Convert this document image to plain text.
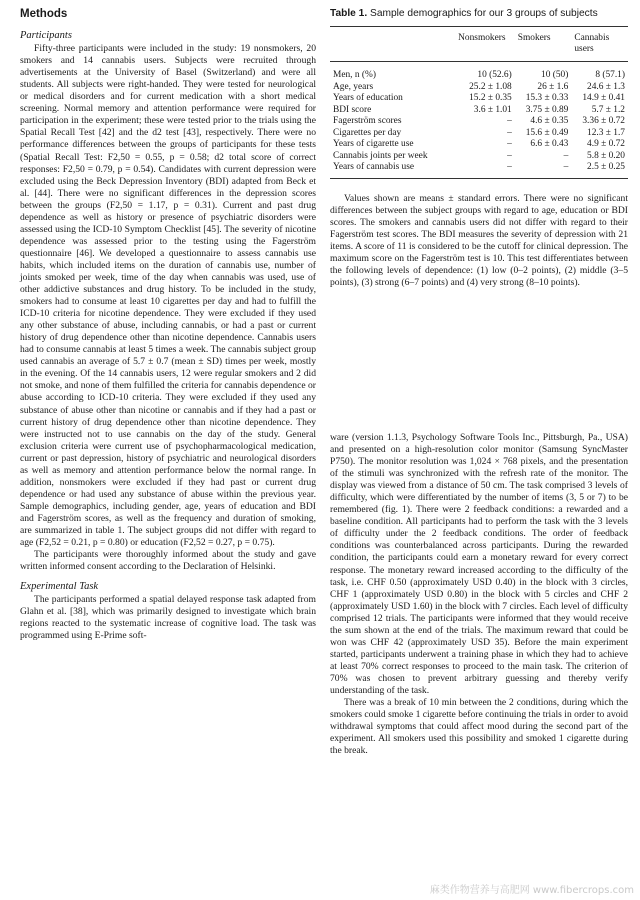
Methods
Participants

Fifty-three participants were included in the study: 19 nonsmokers, 20 smokers and 14 cannabis users. Subjects were recruited through advertisements at the University of Basel (Switzerland) and were all students. All subjects were right-handed. They were tested for neurological or medical disorders and for current medication with a short medical screening. Normal memory and attention performance were required for participation in the experiment; these were tested prior to the trials using the Spatial Recall Test [42] and the d2 test [43], respectively. There were no performance differences between the groups of participants for these tests (Spatial Recall Test: F2,50 = 0.55, p = 0.58; d2 total score of correct responses: F2,50 = 0.79, p = 0.54). Candidates with current depression were excluded using the Beck Depression Inventory (BDI) adapted from Beck et al. [44]. There were no significant differences in the depression scores between the groups (F2,50 = 1.17, p = 0.31). Current and past drug dependence as well as history or presence of psychiatric disorders were assessed using the ICD-10 Symptom Checklist [45]. The severity of nicotine dependence was assessed prior to the testing using the Fagerström questionnaire [46]. We developed a questionnaire to assess cannabis use habits, which included items on the duration of cannabis use, number of joints smoked per week, time of the day when cannabis was used, use of other addictive substances and drug history. To be included in the study, smokers had to consume at least 10 cigarettes per day and had to fulfill the ICD-10 criteria for nicotine dependence. They were excluded if they used any other substance of abuse, including cannabis, or had a past or current history of drug dependence other than nicotine dependence. Cannabis users had to consume cannabis at least 5 times a week. The cannabis subject group used cannabis an average of 5.7 ± 0.7 (mean ± SD) times per week, mostly in the evening. Of the 14 cannabis users, 12 were regular smokers and 2 did not smoke, and none of them fulfilled the criteria for cannabis dependence or abuse according to ICD-10 criteria. They were excluded if they used any substance of abuse other than nicotine or cannabis and if they had a past or current history of drug dependence other than nicotine dependence. They were instructed not to use cannabis on the day of the study. General exclusion criteria were current use of psychopharmacological medication, current or past depression, history of psychiatric and neurological disorders as well as memory and attention performance below the normal range. In addition, nonsmokers were excluded if they had past or current drug dependence or had used any substance of abuse within the previous year. Sample demographics, including gender, age, years of education and BDI and Fagerström scores, as well as the frequency and duration of smoking, are summarized in table 1. The subject groups did not differ with regard to age (F2,52 = 0.21, p = 0.80) or education (F2,52 = 0.27, p = 0.75).

The participants were thoroughly informed about the study and gave written informed consent according to the Declaration of Helsinki.

Experimental Task

The participants performed a spatial delayed response task adapted from Glahn et al. [38], which was primarily designed to investigate which brain regions reacted to the systematic increase of cognitive load. The task was programmed using E-Prime soft-

Table 1. Sample demographics for our 3 groups of subjects
	Nonsmokers	Smokers	Cannabis users
Men, n (%)	10 (52.6)	10 (50)	8 (57.1)
Age, years	25.2 ± 1.08	26 ± 1.6	24.6 ± 1.3
Years of education	15.2 ± 0.35	15.3 ± 0.33	14.9 ± 0.41
BDI score	3.6 ± 1.01	3.75 ± 0.89	5.7 ± 1.2
Fagerström scores	–	4.6 ± 0.35	3.36 ± 0.72
Cigarettes per day	–	15.6 ± 0.49	12.3 ± 1.7
Years of cigarette use	–	6.6 ± 0.43	4.9 ± 0.72
Cannabis joints per week	–	–	5.8 ± 0.20
Years of cannabis use	–	–	2.5 ± 0.25

Values shown are means ± standard errors. There were no significant differences between the subject groups with regard to age, education or BDI scores. The smokers and cannabis users did not differ with regard to their Fagerström test scores. The BDI measures the severity of depression with 21 items. A score of 11 is considered to be the cutoff for clinical depression. The maximum score on the Fagerström test is 10. This test differentiates between the following levels of dependence: (1) low (0–2 points), (2) middle (3–5 points), (3) strong (6–7 points) and (4) very strong (8–10 points).

ware (version 1.1.3, Psychology Software Tools Inc., Pittsburgh, Pa., USA) and presented on a high-resolution color monitor (Samsung SyncMaster P750). The monitor resolution was 1,024 × 768 pixels, and the presentation of the stimuli was synchronized with the refresh rate of the monitor. The display was viewed from a distance of 50 cm. The task comprised 3 levels of difficulty, which were differentiated by the number of items (3, 5 or 7) to be remembered (fig. 1). There were 2 feedback conditions: a rewarded and a baseline condition. All participants had to perform the task with the 3 levels of difficulty under the 2 feedback conditions. The order of feedback conditions was counterbalanced across participants. During the rewarded condition, the participants could earn a monetary reward for every correct response. The monetary reward increased according to the difficulty of the task, i.e. CHF 0.50 (approximately USD 0.40) in the block with 3 circles, CHF 1 (approximately USD 0.80) in the block with 5 circles and CHF 2 (approximately USD 1.60) in the block with 7 circles. Each level of difficulty comprised 12 trials. The participants were informed that they would receive the sum shown at the end of the trials. The maximum reward that could be won was CHF 42 (approximately USD 35). Before the main experiment started, participants underwent a training phase in which they had to achieve at least 70% correct responses to proceed to the main task. The criterion of 70% was chosen to prevent arbitrary guessing and thereby verify understanding of the task.

There was a break of 10 min between the 2 conditions, during which the smokers could smoke 1 cigarette before continuing the trials in order to avoid withdrawal symptoms that could affect mood during the second part of the experiment. All smokers used this possibility and smoked 1 cigarette during the break.

麻类作物营养与高肥网 www.fibercrops.com
